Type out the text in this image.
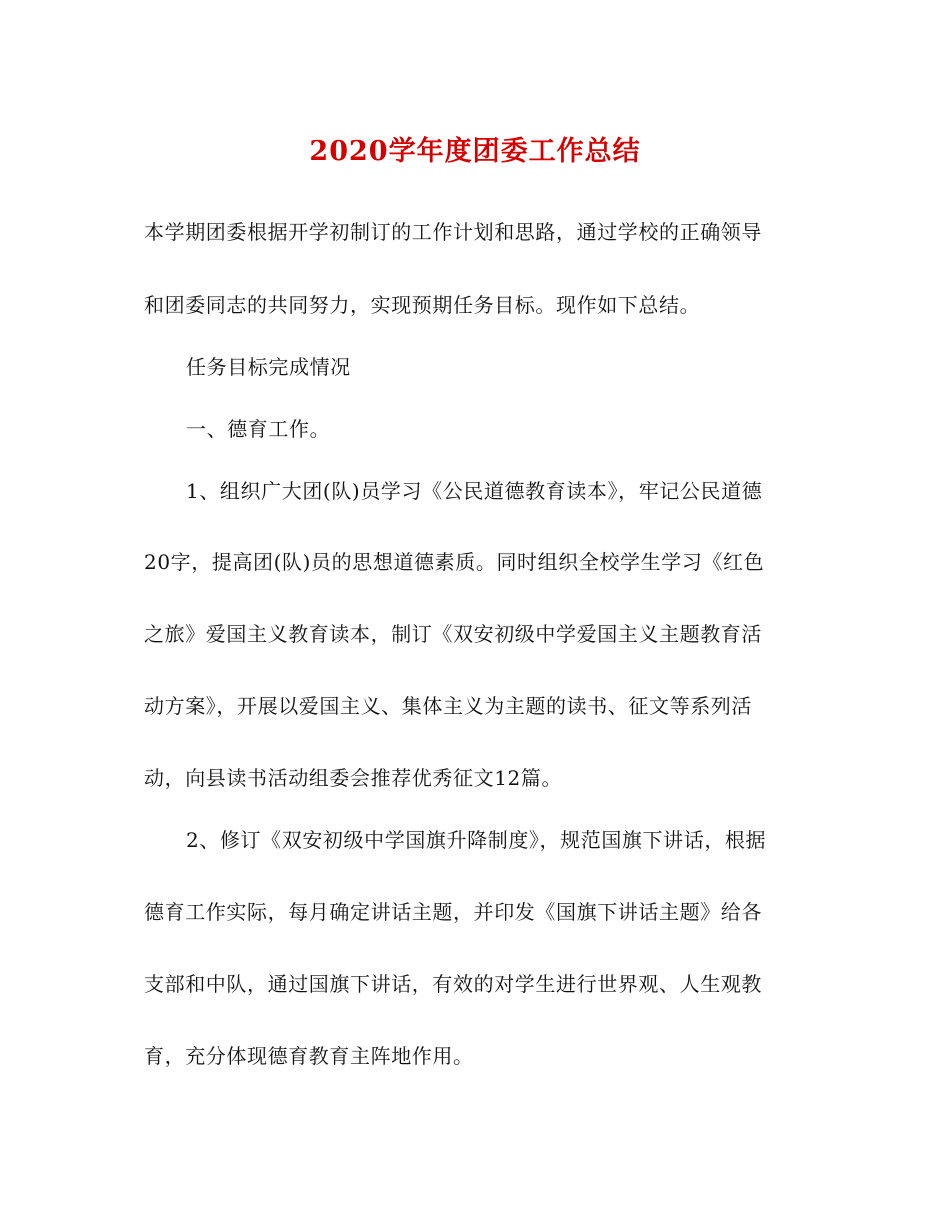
2020学年度团委工作总结
本学期团委根据开学初制订的工作计划和思路，通过学校的正确领导
和团委同志的共同努力，实现预期任务目标。现作如下总结。
任务目标完成情况
一、德育工作。
1、组织广大团(队)员学习《公民道德教育读本》，牢记公民道德
20字，提高团(队)员的思想道德素质。同时组织全校学生学习《红色
之旅》爱国主义教育读本，制订《双安初级中学爱国主义主题教育活
动方案》，开展以爱国主义、集体主义为主题的读书、征文等系列活
动，向县读书活动组委会推荐优秀征文12篇。
2、修订《双安初级中学国旗升降制度》，规范国旗下讲话，根据
德育工作实际，每月确定讲话主题，并印发《国旗下讲话主题》给各
支部和中队，通过国旗下讲话，有效的对学生进行世界观、人生观教
育，充分体现德育教育主阵地作用。
